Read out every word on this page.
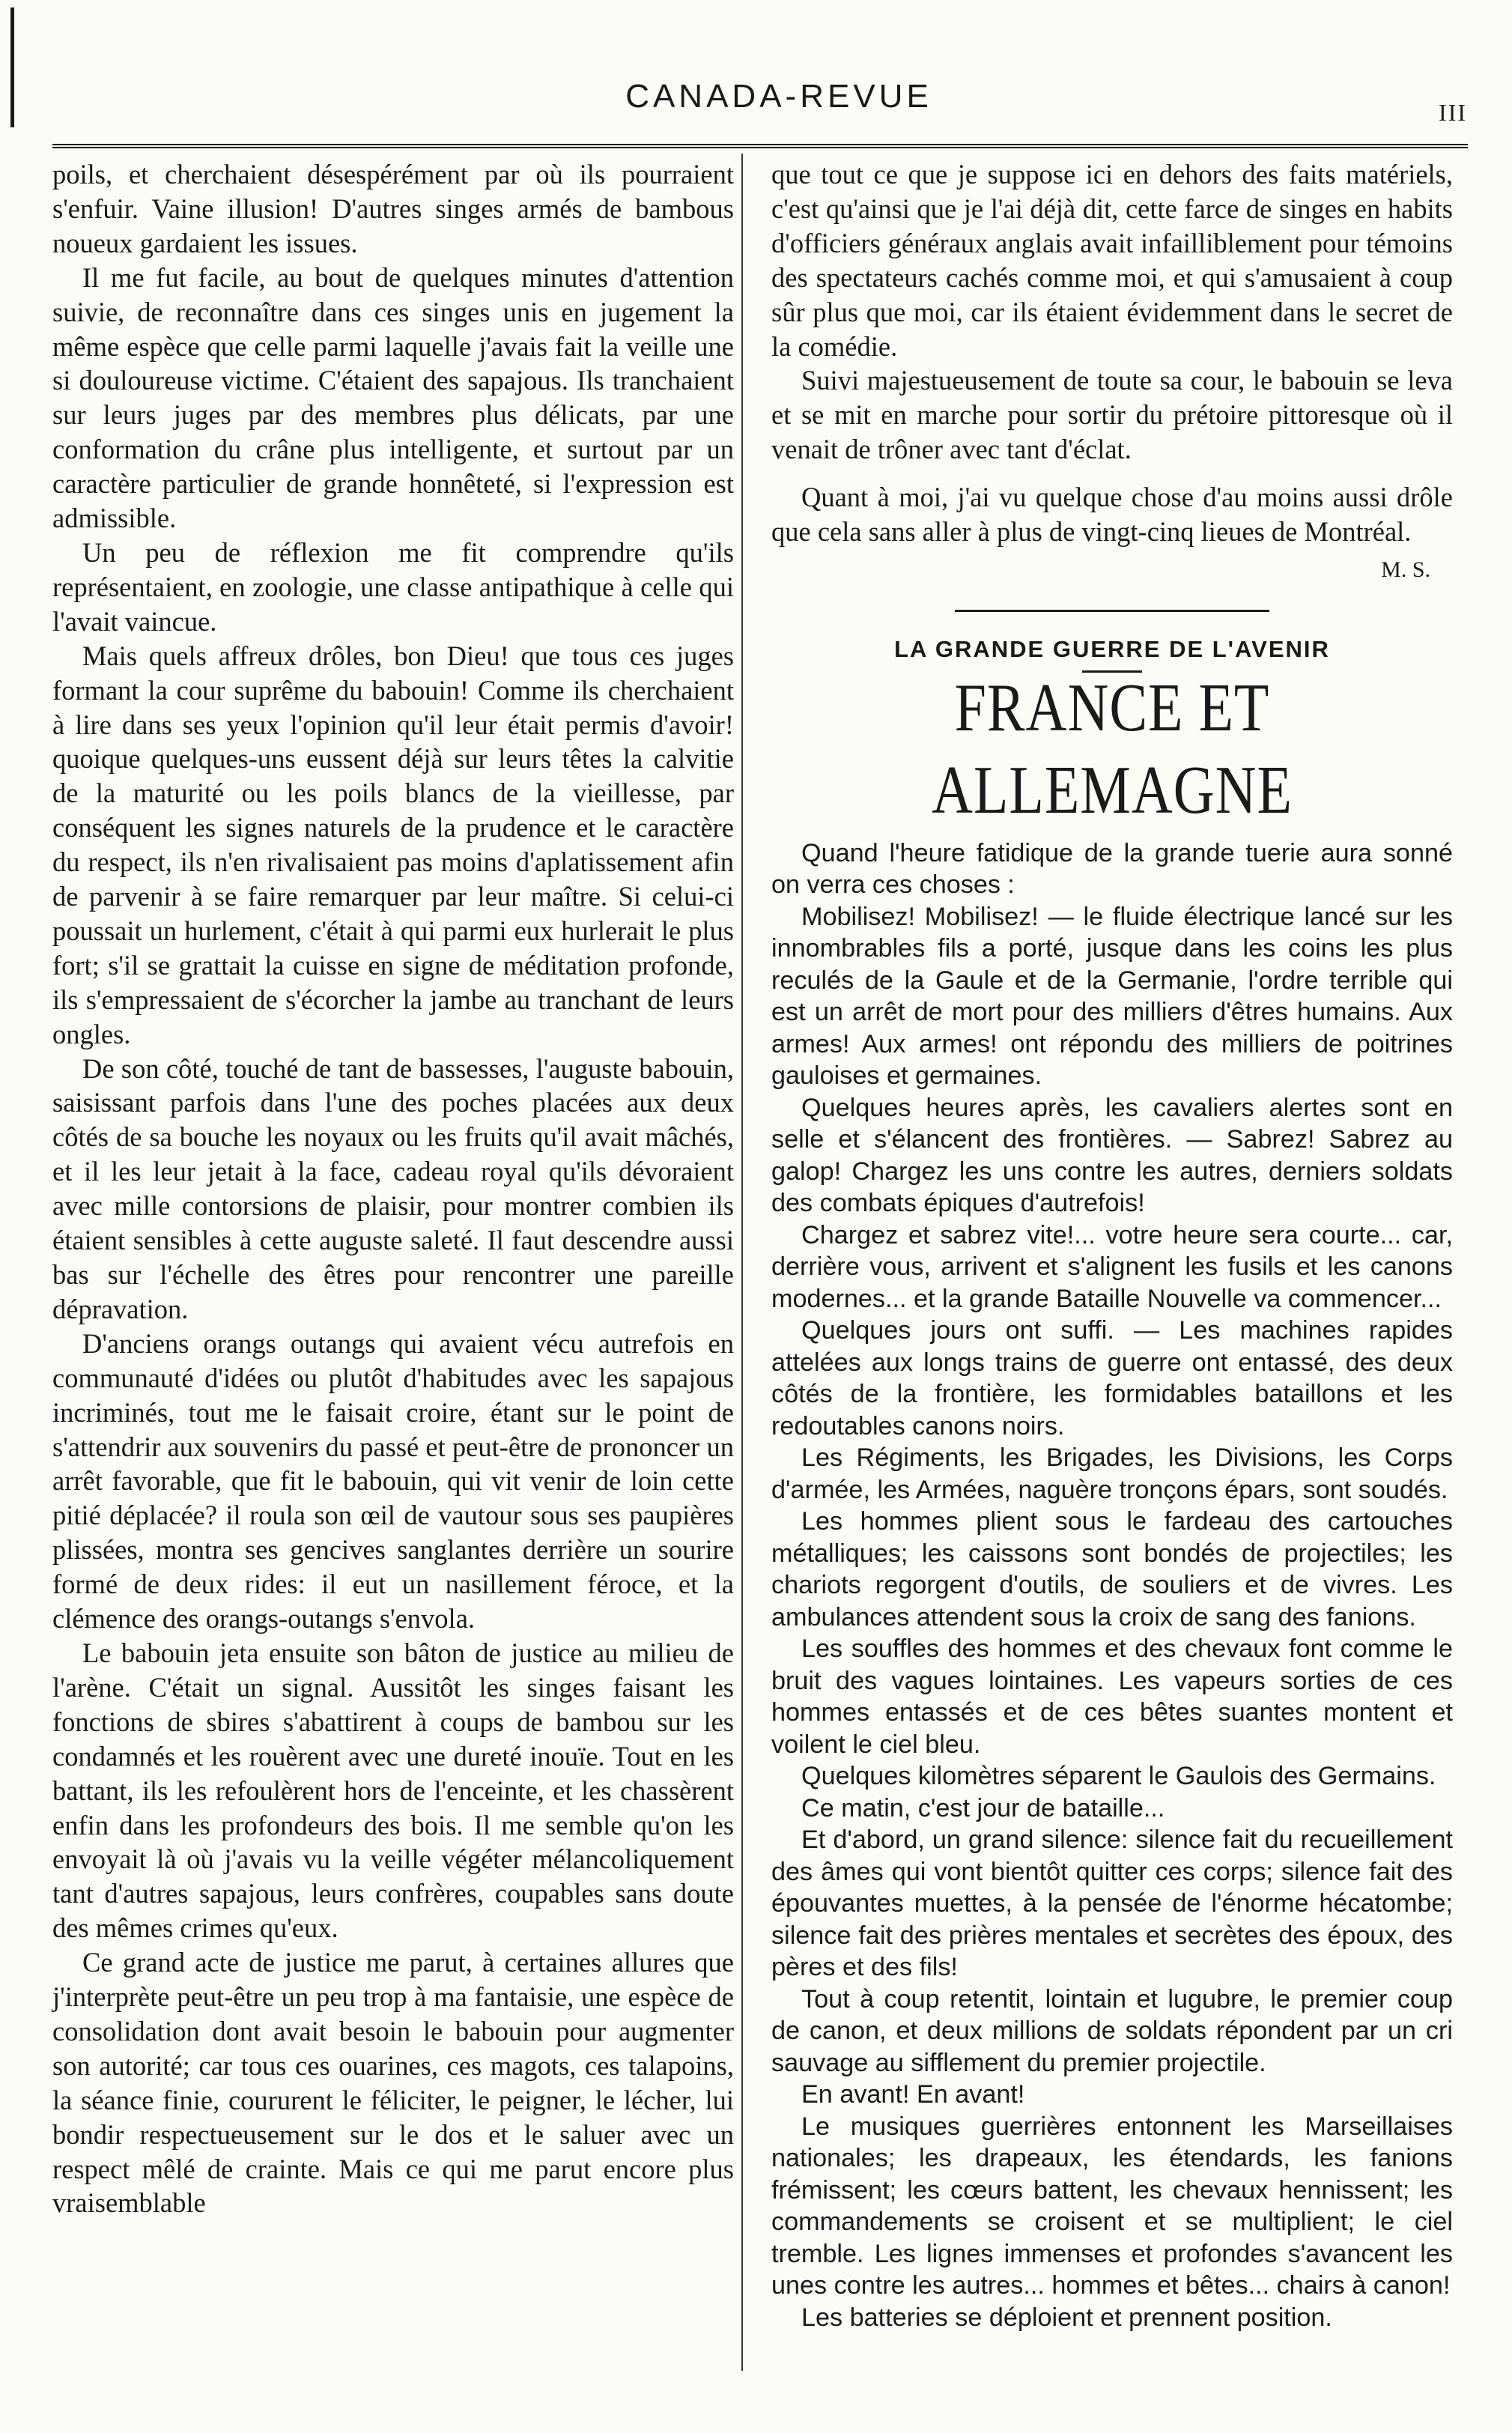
CANADA-REVUE	III

poils, et cherchaient désespérément par où ils pourraient s'enfuir. Vaine illusion! D'autres singes armés de bambous noueux gardaient les issues.

Il me fut facile, au bout de quelques minutes d'attention suivie, de reconnaître dans ces singes unis en jugement la même espèce que celle parmi laquelle j'avais fait la veille une si douloureuse victime. C'étaient des sapajous. Ils tranchaient sur leurs juges par des membres plus délicats, par une conformation du crâne plus intelligente, et surtout par un caractère particulier de grande honnêteté, si l'expression est admissible.

Un peu de réflexion me fit comprendre qu'ils représentaient, en zoologie, une classe antipathique à celle qui l'avait vaincue.

Mais quels affreux drôles, bon Dieu! que tous ces juges formant la cour suprême du babouin! Comme ils cherchaient à lire dans ses yeux l'opinion qu'il leur était permis d'avoir! quoique quelques-uns eussent déjà sur leurs têtes la calvitie de la maturité ou les poils blancs de la vieillesse, par conséquent les signes naturels de la prudence et le caractère du respect, ils n'en rivalisaient pas moins d'aplatissement afin de parvenir à se faire remarquer par leur maître. Si celui-ci poussait un hurlement, c'était à qui parmi eux hurlerait le plus fort; s'il se grattait la cuisse en signe de méditation profonde, ils s'empressaient de s'écorcher la jambe au tranchant de leurs ongles.

De son côté, touché de tant de bassesses, l'auguste babouin, saisissant parfois dans l'une des poches placées aux deux côtés de sa bouche les noyaux ou les fruits qu'il avait mâchés, et il les leur jetait à la face, cadeau royal qu'ils dévoraient avec mille contorsions de plaisir, pour montrer combien ils étaient sensibles à cette auguste saleté. Il faut descendre aussi bas sur l'échelle des êtres pour rencontrer une pareille dépravation.

D'anciens orangs outangs qui avaient vécu autrefois en communauté d'idées ou plutôt d'habitudes avec les sapajous incriminés, tout me le faisait croire, étant sur le point de s'attendrir aux souvenirs du passé et peut-être de prononcer un arrêt favorable, que fit le babouin, qui vit venir de loin cette pitié déplacée? il roula son œil de vautour sous ses paupières plissées, montra ses gencives sanglantes derrière un sourire formé de deux rides: il eut un nasillement féroce, et la clémence des orangs-outangs s'envola.

Le babouin jeta ensuite son bâton de justice au milieu de l'arène. C'était un signal. Aussitôt les singes faisant les fonctions de sbires s'abattirent à coups de bambou sur les condamnés et les rouèrent avec une dureté inouïe. Tout en les battant, ils les refoulèrent hors de l'enceinte, et les chassèrent enfin dans les profondeurs des bois. Il me semble qu'on les envoyait là où j'avais vu la veille végéter mélancoliquement tant d'autres sapajous, leurs confrères, coupables sans doute des mêmes crimes qu'eux.

Ce grand acte de justice me parut, à certaines allures que j'interprète peut-être un peu trop à ma fantaisie, une espèce de consolidation dont avait besoin le babouin pour augmenter son autorité; car tous ces ouarines, ces magots, ces talapoins, la séance finie, coururent le féliciter, le peigner, le lécher, lui bondir respectueusement sur le dos et le saluer avec un respect mêlé de crainte. Mais ce qui me parut encore plus vraisemblable

que tout ce que je suppose ici en dehors des faits matériels, c'est qu'ainsi que je l'ai déjà dit, cette farce de singes en habits d'officiers généraux anglais avait infailliblement pour témoins des spectateurs cachés comme moi, et qui s'amusaient à coup sûr plus que moi, car ils étaient évidemment dans le secret de la comédie.

Suivi majestueusement de toute sa cour, le babouin se leva et se mit en marche pour sortir du prétoire pittoresque où il venait de trôner avec tant d'éclat.

Quant à moi, j'ai vu quelque chose d'au moins aussi drôle que cela sans aller à plus de vingt-cinq lieues de Montréal.

M. S.
LA GRANDE GUERRE DE L'AVENIR
FRANCE ET ALLEMAGNE

Quand l'heure fatidique de la grande tuerie aura sonné on verra ces choses :

Mobilisez! Mobilisez! — le fluide électrique lancé sur les innombrables fils a porté, jusque dans les coins les plus reculés de la Gaule et de la Germanie, l'ordre terrible qui est un arrêt de mort pour des milliers d'êtres humains. Aux armes! Aux armes! ont répondu des milliers de poitrines gauloises et germaines.

Quelques heures après, les cavaliers alertes sont en selle et s'élancent des frontières. — Sabrez! Sabrez au galop! Chargez les uns contre les autres, derniers soldats des combats épiques d'autrefois!

Chargez et sabrez vite!... votre heure sera courte... car, derrière vous, arrivent et s'alignent les fusils et les canons modernes... et la grande Bataille Nouvelle va commencer...

Quelques jours ont suffi. — Les machines rapides attelées aux longs trains de guerre ont entassé, des deux côtés de la frontière, les formidables bataillons et les redoutables canons noirs.

Les Régiments, les Brigades, les Divisions, les Corps d'armée, les Armées, naguère tronçons épars, sont soudés.

Les hommes plient sous le fardeau des cartouches métalliques; les caissons sont bondés de projectiles; les chariots regorgent d'outils, de souliers et de vivres. Les ambulances attendent sous la croix de sang des fanions.

Les souffles des hommes et des chevaux font comme le bruit des vagues lointaines. Les vapeurs sorties de ces hommes entassés et de ces bêtes suantes montent et voilent le ciel bleu.

Quelques kilomètres séparent le Gaulois des Germains.

Ce matin, c'est jour de bataille...

Et d'abord, un grand silence: silence fait du recueillement des âmes qui vont bientôt quitter ces corps; silence fait des épouvantes muettes, à la pensée de l'énorme hécatombe; silence fait des prières mentales et secrètes des époux, des pères et des fils!

Tout à coup retentit, lointain et lugubre, le premier coup de canon, et deux millions de soldats répondent par un cri sauvage au sifflement du premier projectile.

En avant! En avant!

Le musiques guerrières entonnent les Marseillaises nationales; les drapeaux, les étendards, les fanions frémissent; les cœurs battent, les chevaux hennissent; les commandements se croisent et se multiplient; le ciel tremble. Les lignes immenses et profondes s'avancent les unes contre les autres... hommes et bêtes... chairs à canon!

Les batteries se déploient et prennent position.
